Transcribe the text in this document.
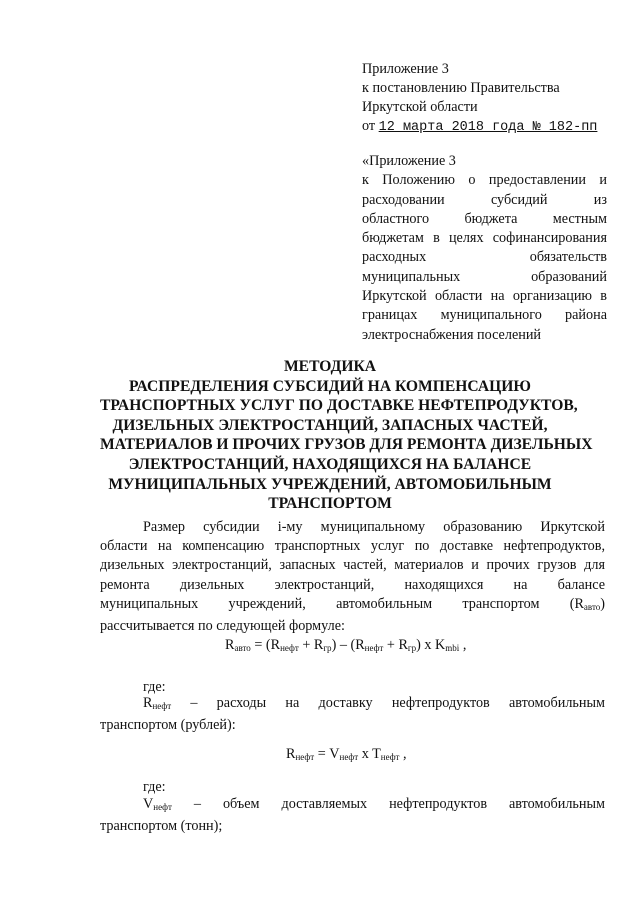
Приложение 3
к постановлению Правительства
Иркутской области
от 12 марта 2018 года № 182-пп
«Приложение 3
к Положению о предоставлении и
расходовании субсидий из
областного бюджета местным
бюджетам в целях софинансирования
расходных обязательств
муниципальных образований
Иркутской области на организацию в
границах муниципального района
электроснабжения поселений
МЕТОДИКА
РАСПРЕДЕЛЕНИЯ СУБСИДИЙ НА КОМПЕНСАЦИЮ
ТРАНСПОРТНЫХ УСЛУГ ПО ДОСТАВКЕ НЕФТЕПРОДУКТОВ,
ДИЗЕЛЬНЫХ ЭЛЕКТРОСТАНЦИЙ, ЗАПАСНЫХ ЧАСТЕЙ,
МАТЕРИАЛОВ И ПРОЧИХ ГРУЗОВ ДЛЯ РЕМОНТА ДИЗЕЛЬНЫХ
ЭЛЕКТРОСТАНЦИЙ, НАХОДЯЩИХСЯ НА БАЛАНСЕ
МУНИЦИПАЛЬНЫХ УЧРЕЖДЕНИЙ, АВТОМОБИЛЬНЫМ
ТРАНСПОРТОМ
Размер субсидии i-му муниципальному образованию Иркутской
области на компенсацию транспортных услуг по доставке нефтепродуктов,
дизельных электростанций, запасных частей, материалов и прочих грузов для
ремонта дизельных электростанций, находящихся на балансе
муниципальных учреждений, автомобильным транспортом $(R_{авто})$
рассчитывается по следующей формуле:
$R_{авто} = (R_{нефт} + R_{гр}) - (R_{нефт} + R_{гр})$ x $K_{mbi}$ ,
где:
$R_{нефт}$ – расходы на доставку нефтепродуктов автомобильным
транспортом (рублей):
$R_{нефт} = V_{нефт}$ x $T_{нефт}$ ,
где:
$V_{нефт}$ – объем доставляемых нефтепродуктов автомобильным
транспортом (тонн);
